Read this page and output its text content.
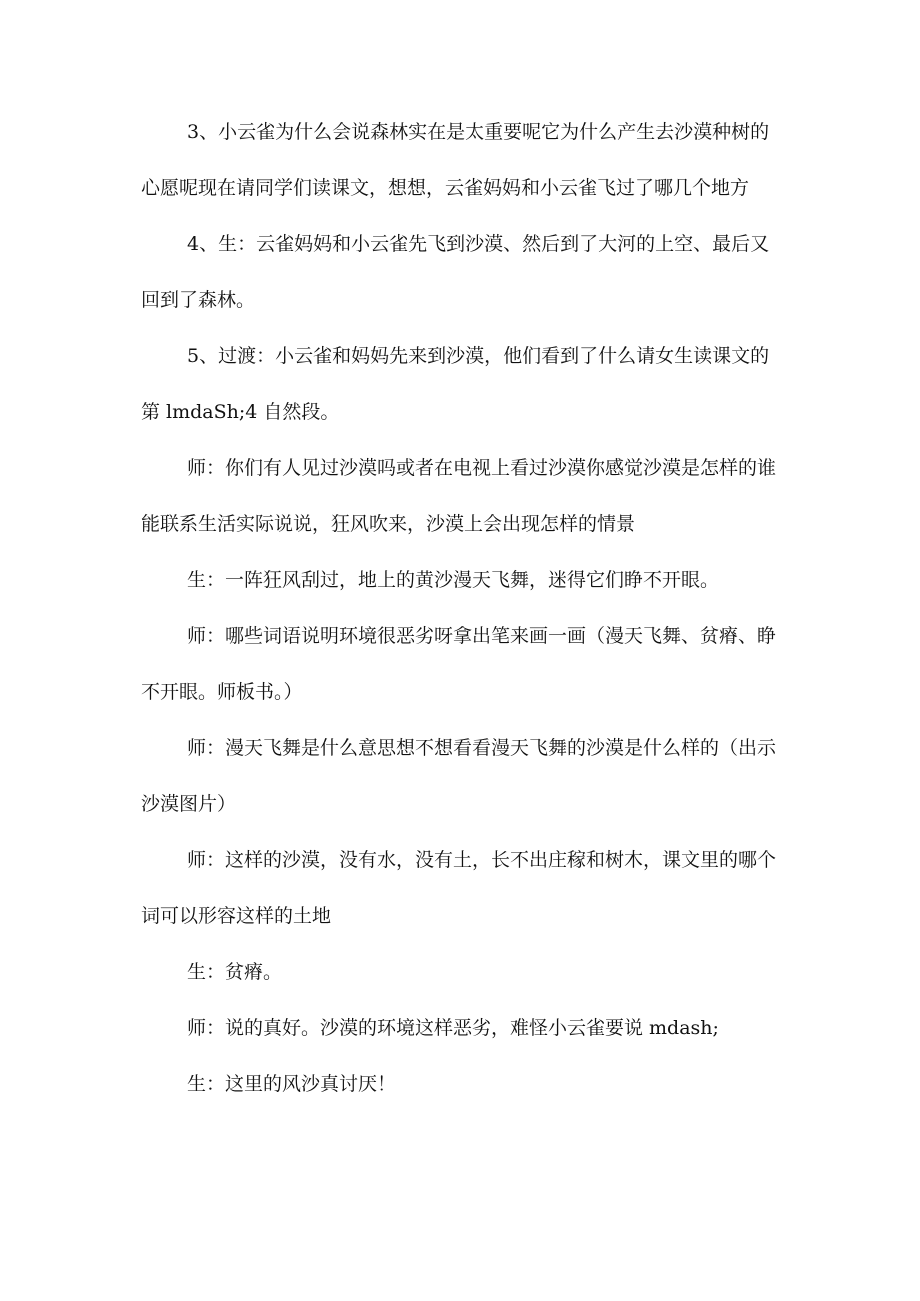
3、小云雀为什么会说森林实在是太重要呢它为什么产生去沙漠种树的心愿呢现在请同学们读课文，想想，云雀妈妈和小云雀飞过了哪几个地方

4、生：云雀妈妈和小云雀先飞到沙漠、然后到了大河的上空、最后又回到了森林。

5、过渡：小云雀和妈妈先来到沙漠，他们看到了什么请女生读课文的第 lmdaSh;4 自然段。

师：你们有人见过沙漠吗或者在电视上看过沙漠你感觉沙漠是怎样的谁能联系生活实际说说，狂风吹来，沙漠上会出现怎样的情景

生：一阵狂风刮过，地上的黄沙漫天飞舞，迷得它们睁不开眼。

师：哪些词语说明环境很恶劣呀拿出笔来画一画（漫天飞舞、贫瘠、睁不开眼。师板书。）

师：漫天飞舞是什么意思想不想看看漫天飞舞的沙漠是什么样的（出示沙漠图片）

师：这样的沙漠，没有水，没有土，长不出庄稼和树木，课文里的哪个词可以形容这样的土地

生：贫瘠。

师：说的真好。沙漠的环境这样恶劣，难怪小云雀要说 mdash;

生：这里的风沙真讨厌！
